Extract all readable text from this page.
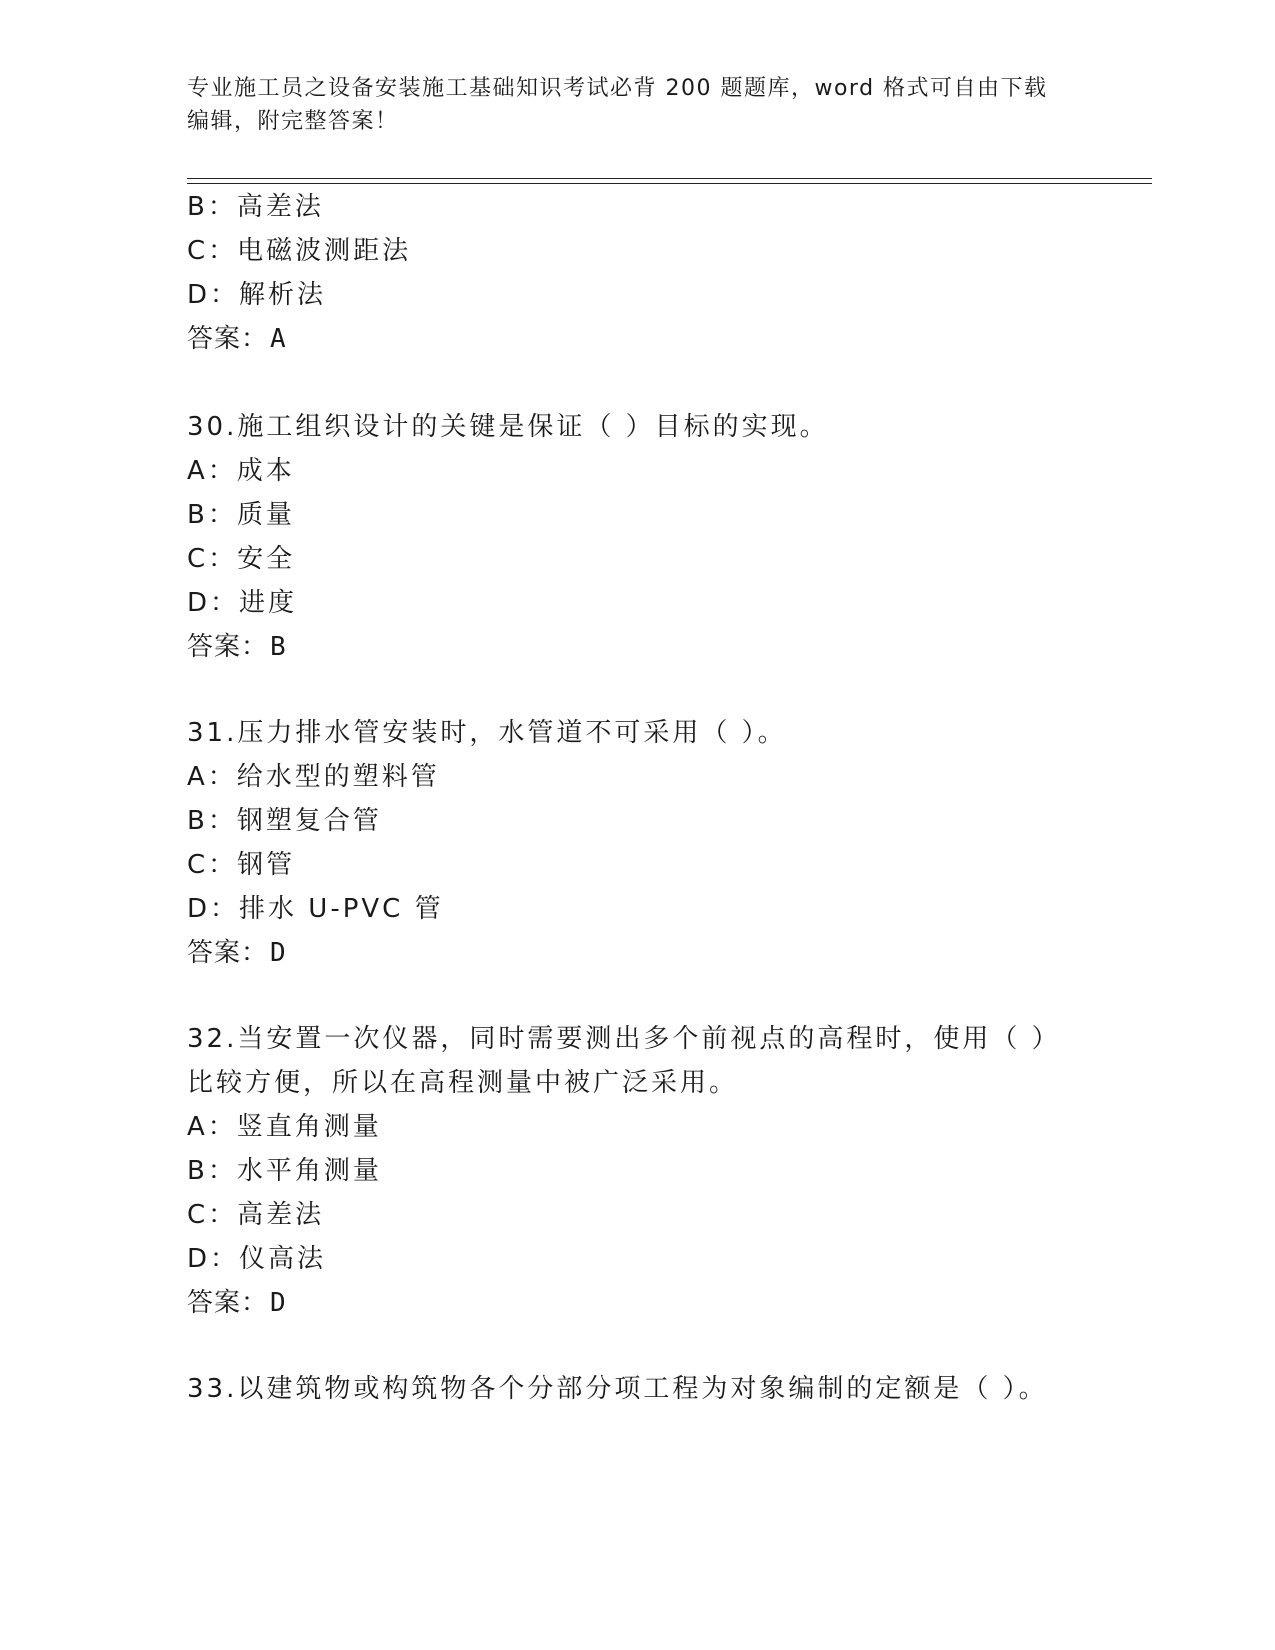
专业施工员之设备安装施工基础知识考试必背 200 题题库，word 格式可自由下载
编辑，附完整答案！
B：高差法
C：电磁波测距法
D：解析法
答案：A
30.施工组织设计的关键是保证（ ）目标的实现。
A：成本
B：质量
C：安全
D：进度
答案：B
31.压力排水管安装时，水管道不可采用（ ）。
A：给水型的塑料管
B：钢塑复合管
C：钢管
D：排水 U-PVC 管
答案：D
32.当安置一次仪器，同时需要测出多个前视点的高程时，使用（ ）
比较方便，所以在高程测量中被广泛采用。
A：竖直角测量
B：水平角测量
C：高差法
D：仪高法
答案：D
33.以建筑物或构筑物各个分部分项工程为对象编制的定额是（ ）。
